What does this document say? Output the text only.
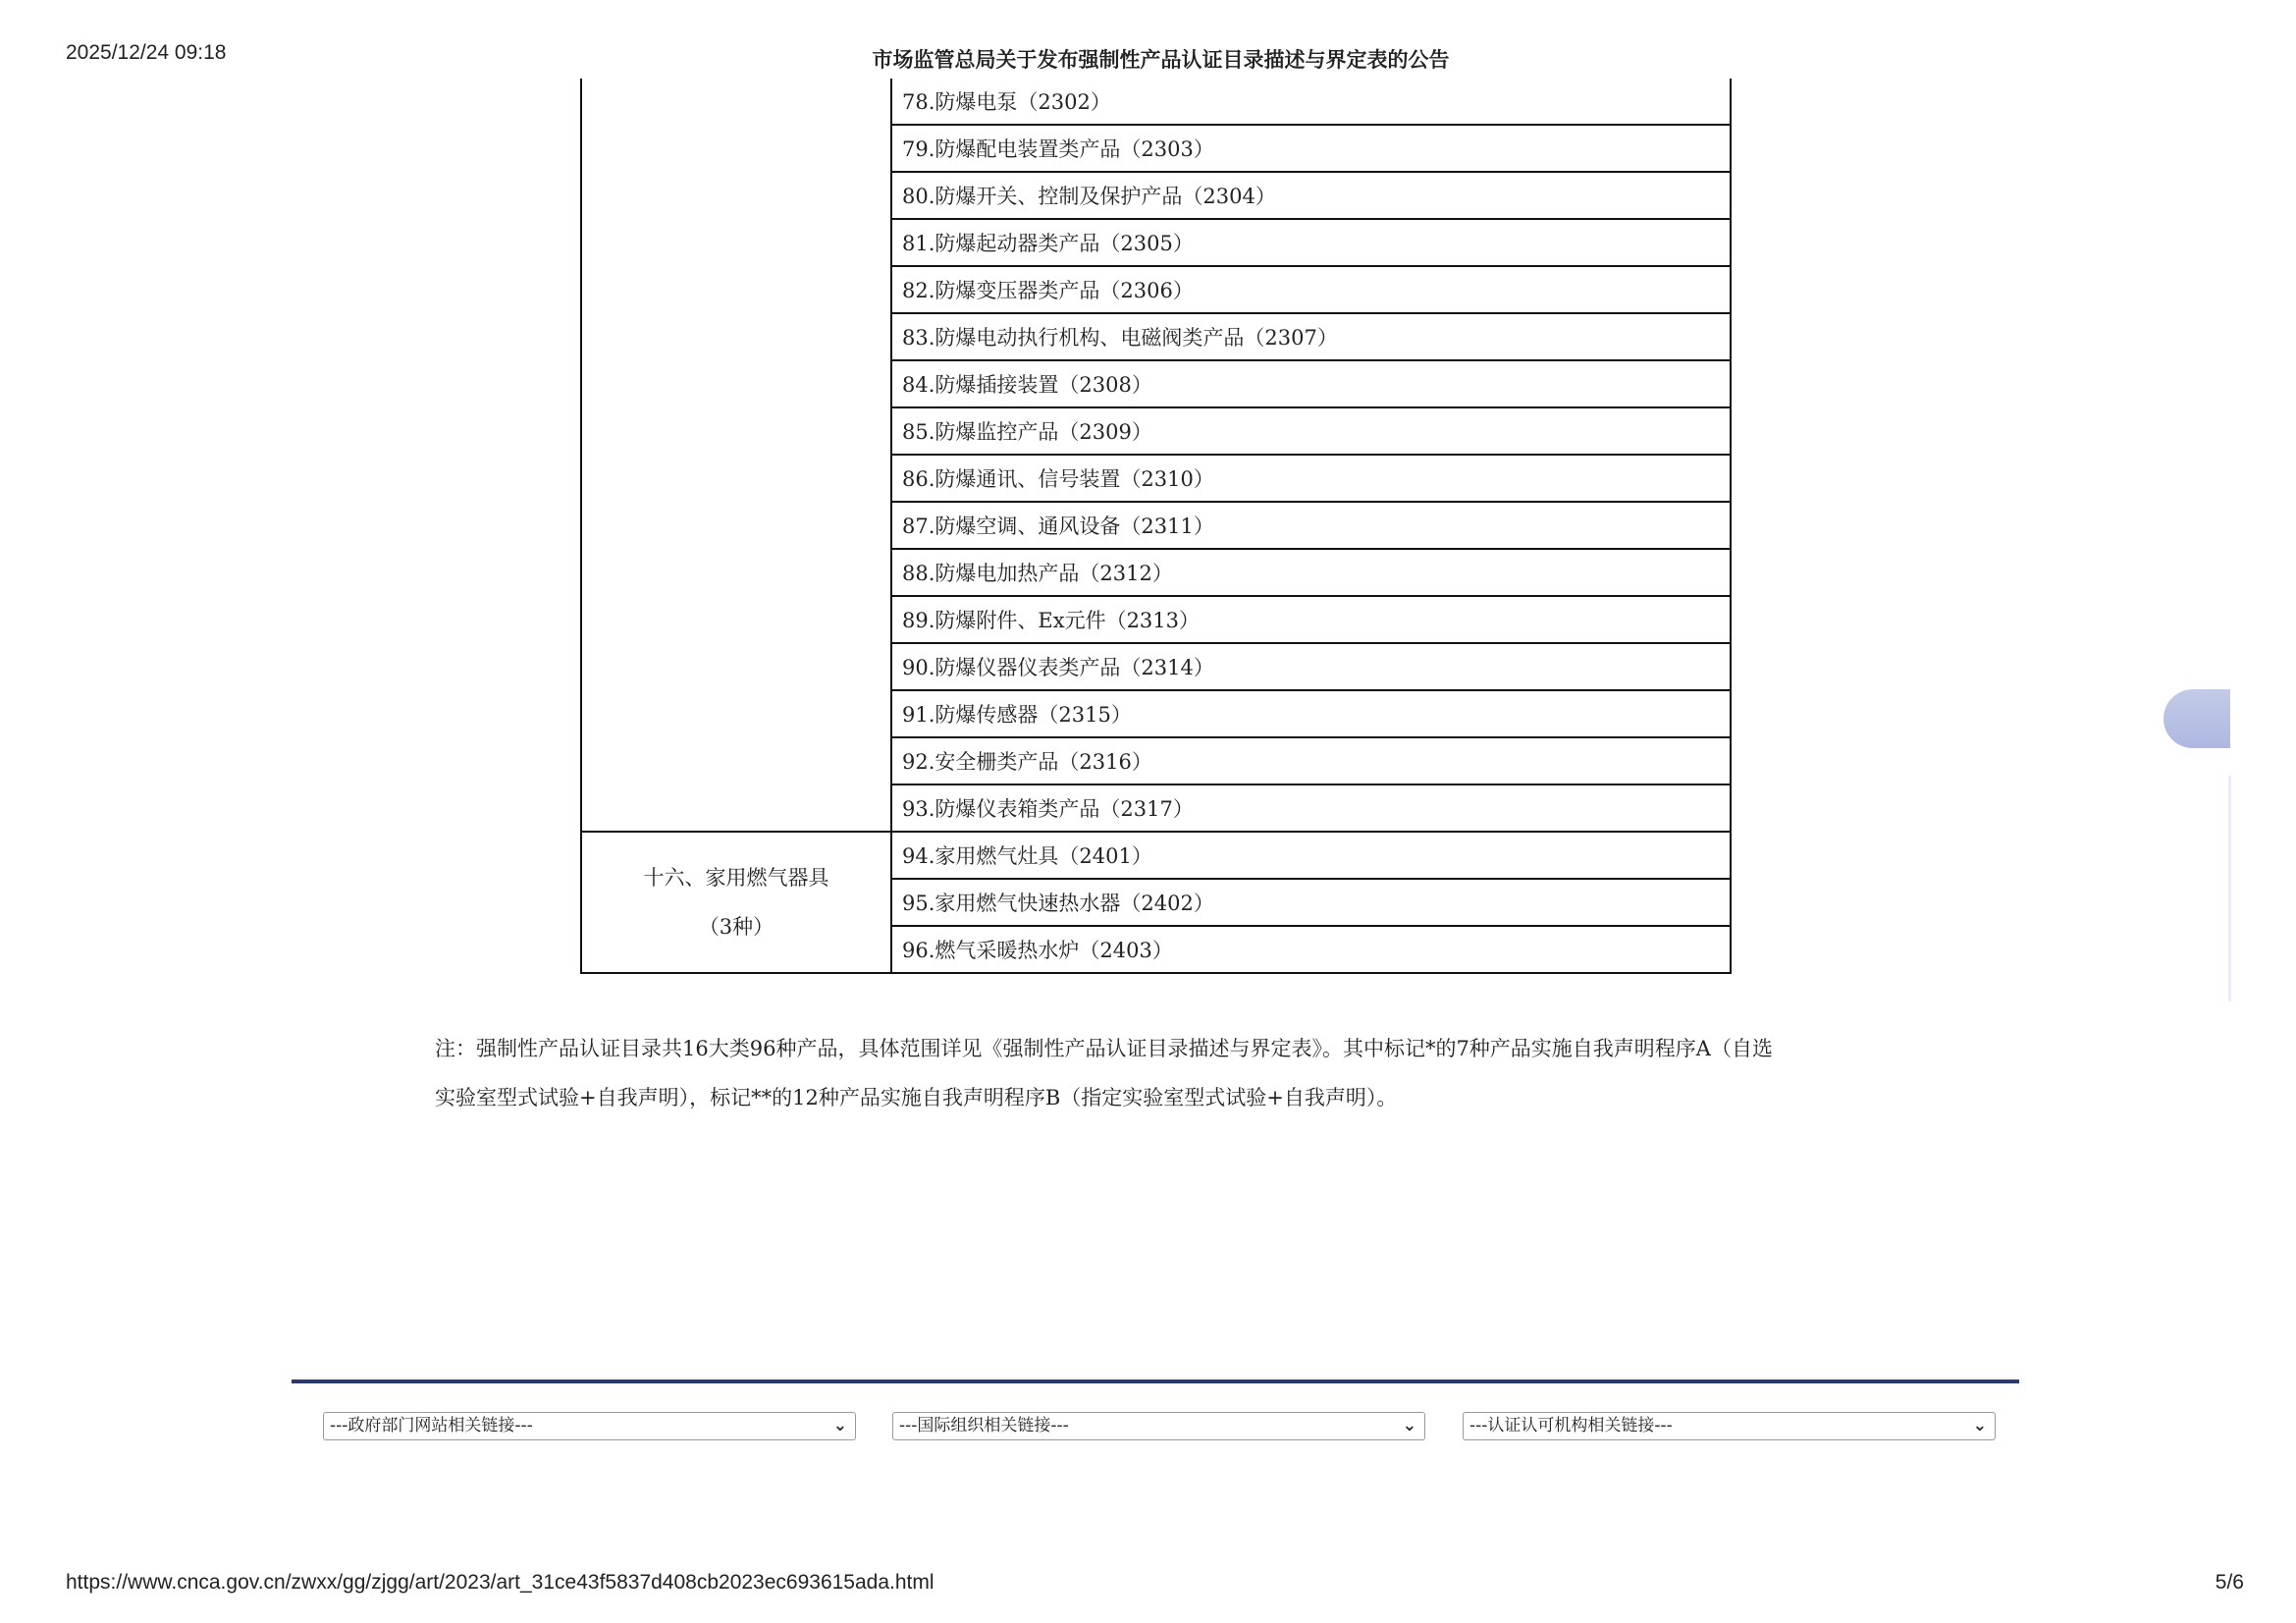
2025/12/24 09:18	市场监管总局关于发布强制性产品认证目录描述与界定表的公告
	78.防爆电泵（2302）
	79.防爆配电装置类产品（2303）
	80.防爆开关、控制及保护产品（2304）
	81.防爆起动器类产品（2305）
	82.防爆变压器类产品（2306）
	83.防爆电动执行机构、电磁阀类产品（2307）
	84.防爆插接装置（2308）
	85.防爆监控产品（2309）
	86.防爆通讯、信号装置（2310）
	87.防爆空调、通风设备（2311）
	88.防爆电加热产品（2312）
	89.防爆附件、Ex元件（2313）
	90.防爆仪器仪表类产品（2314）
	91.防爆传感器（2315）
	92.安全栅类产品（2316）
	93.防爆仪表箱类产品（2317）

十六、家用燃气器具
（3种）	94.家用燃气灶具（2401）
	95.家用燃气快速热水器（2402）
	96.燃气采暖热水炉（2403）
注：强制性产品认证目录共16大类96种产品，具体范围详见《强制性产品认证目录描述与界定表》。其中标记*的7种产品实施自我声明程序A（自选
实验室型式试验+自我声明），标记**的12种产品实施自我声明程序B（指定实验室型式试验+自我声明）。
---政府部门网站相关链接---	⌄	---国际组织相关链接---	⌄	---认证认可机构相关链接---	⌄
https://www.cnca.gov.cn/zwxx/gg/zjgg/art/2023/art_31ce43f5837d408cb2023ec693615ada.html	5/6
